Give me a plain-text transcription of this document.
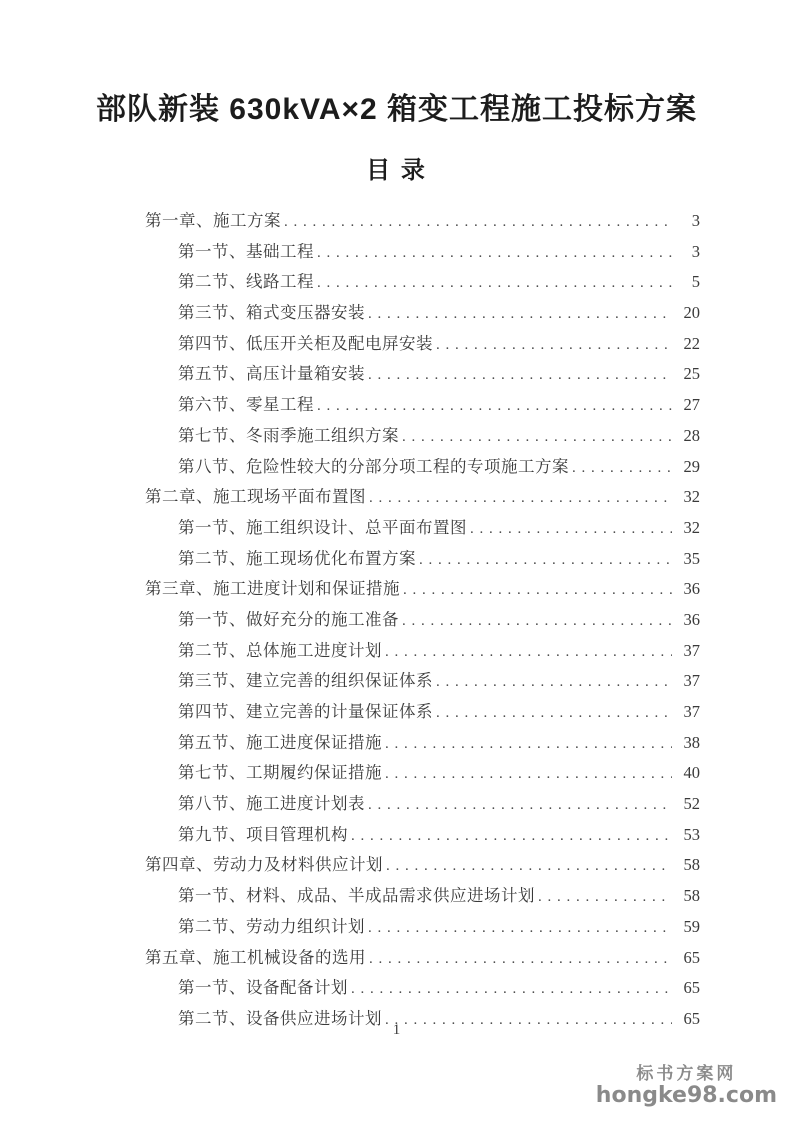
部队新装 630kVA×2 箱变工程施工投标方案
目 录
第一章、施工方案 . . .	3
第一节、基础工程 . . .	3
第二节、线路工程 . . .	5
第三节、箱式变压器安装 . . .	20
第四节、低压开关柜及配电屏安装 . . .	22
第五节、高压计量箱安装 . . .	25
第六节、零星工程 . . .	27
第七节、冬雨季施工组织方案 . . .	28
第八节、危险性较大的分部分项工程的专项施工方案 . . .	29
第二章、施工现场平面布置图 . . .	32
第一节、施工组织设计、总平面布置图 . . .	32
第二节、施工现场优化布置方案 . . .	35
第三章、施工进度计划和保证措施 . . .	36
第一节、做好充分的施工准备 . . .	36
第二节、总体施工进度计划 . . .	37
第三节、建立完善的组织保证体系 . . .	37
第四节、建立完善的计量保证体系 . . .	37
第五节、施工进度保证措施 . . .	38
第七节、工期履约保证措施 . . .	40
第八节、施工进度计划表 . . .	52
第九节、项目管理机构 . . .	53
第四章、劳动力及材料供应计划 . . .	58
第一节、材料、成品、半成品需求供应进场计划 . . .	58
第二节、劳动力组织计划 . . .	59
第五章、施工机械设备的选用 . . .	65
第一节、设备配备计划 . . .	65
第二节、设备供应进场计划 . . .	65
1
标书方案网
hongke98.com
